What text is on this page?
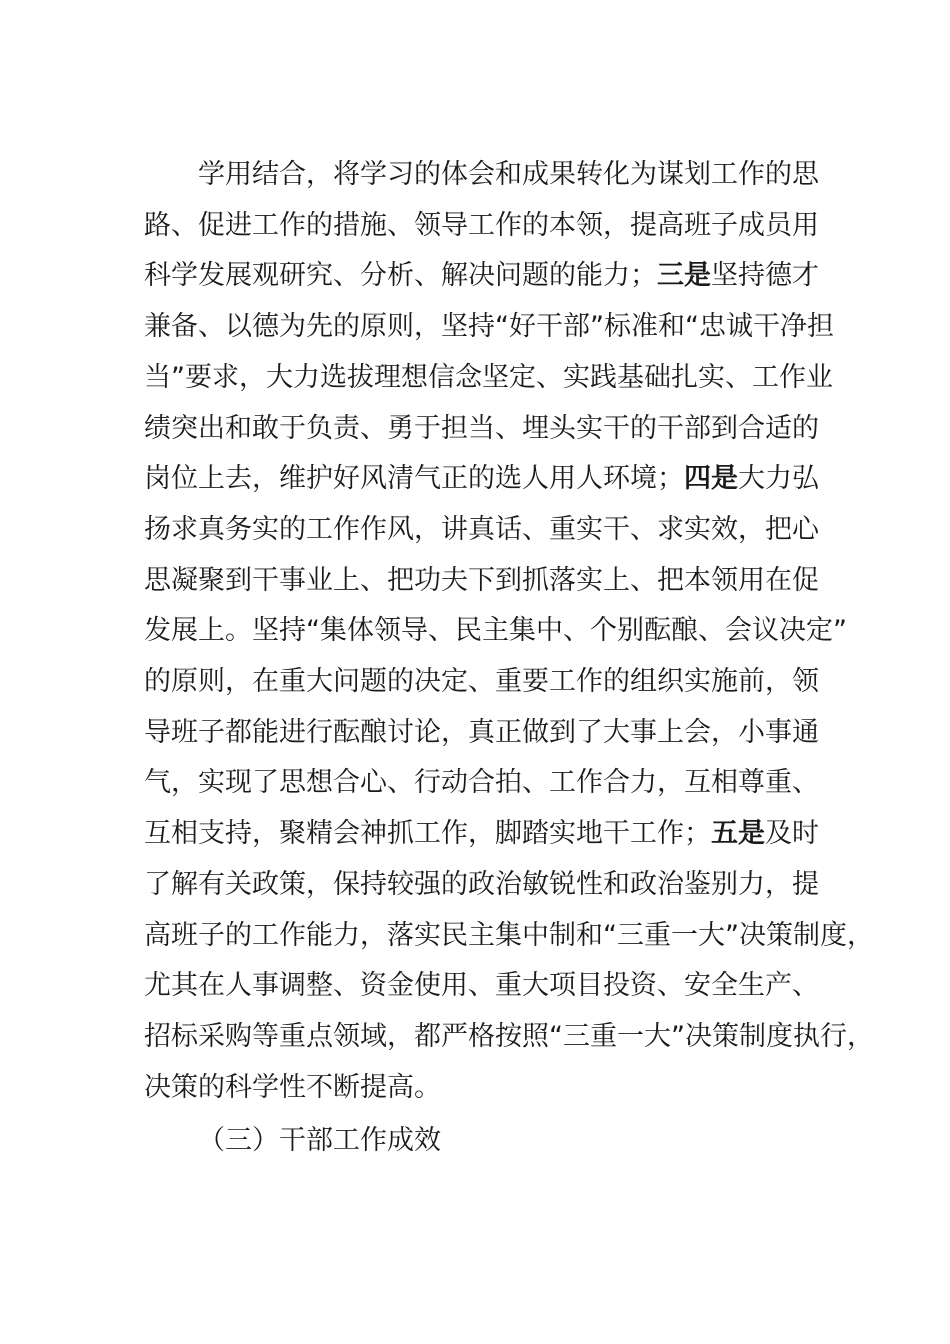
学用结合，将学习的体会和成果转化为谋划工作的思
路、促进工作的措施、领导工作的本领，提高班子成员用
科学发展观研究、分析、解决问题的能力；三是坚持德才
兼备、以德为先的原则，坚持“好干部”标准和“忠诚干净担
当”要求，大力选拔理想信念坚定、实践基础扎实、工作业
绩突出和敢于负责、勇于担当、埋头实干的干部到合适的
岗位上去，维护好风清气正的选人用人环境；四是大力弘
扬求真务实的工作作风，讲真话、重实干、求实效，把心
思凝聚到干事业上、把功夫下到抓落实上、把本领用在促
发展上。坚持“集体领导、民主集中、个别酝酿、会议决定”
的原则，在重大问题的决定、重要工作的组织实施前，领
导班子都能进行酝酿讨论，真正做到了大事上会，小事通
气，实现了思想合心、行动合拍、工作合力，互相尊重、
互相支持，聚精会神抓工作，脚踏实地干工作；五是及时
了解有关政策，保持较强的政治敏锐性和政治鉴别力，提
高班子的工作能力，落实民主集中制和“三重一大”决策制度，
尤其在人事调整、资金使用、重大项目投资、安全生产、
招标采购等重点领域，都严格按照“三重一大”决策制度执行，
决策的科学性不断提高。
（三）干部工作成效
